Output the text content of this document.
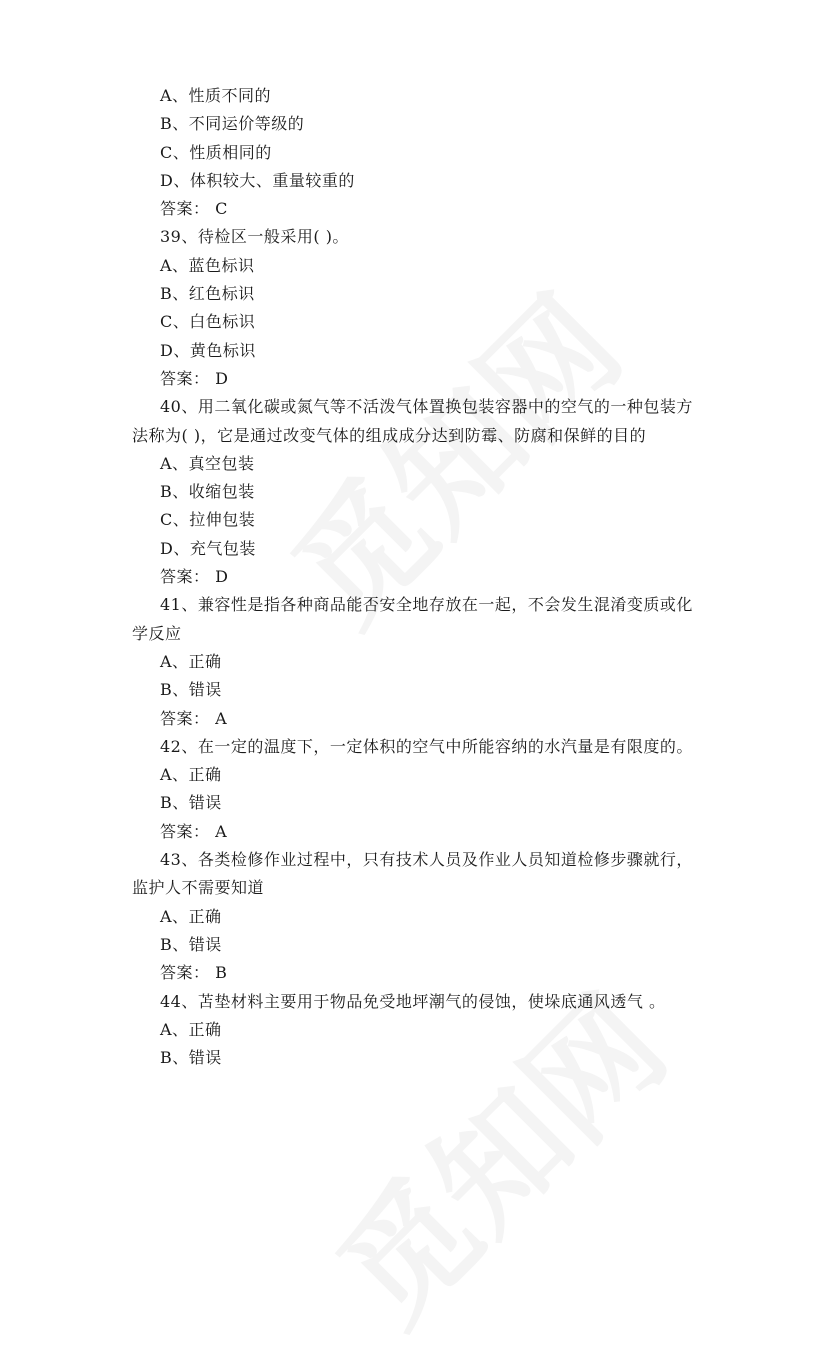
A、性质不同的
B、不同运价等级的
C、性质相同的
D、体积较大、重量较重的
答案： C
39、待检区一般采用( )。
A、蓝色标识
B、红色标识
C、白色标识
D、黄色标识
答案： D
40、用二氧化碳或氮气等不活泼气体置换包装容器中的空气的一种包装方
法称为( )，它是通过改变气体的组成成分达到防霉、防腐和保鲜的目的
A、真空包装
B、收缩包装
C、拉伸包装
D、充气包装
答案： D
41、兼容性是指各种商品能否安全地存放在一起，不会发生混淆变质或化
学反应
A、正确
B、错误
答案： A
42、在一定的温度下，一定体积的空气中所能容纳的水汽量是有限度的。
A、正确
B、错误
答案： A
43、各类检修作业过程中，只有技术人员及作业人员知道检修步骤就行，
监护人不需要知道
A、正确
B、错误
答案： B
44、苫垫材料主要用于物品免受地坪潮气的侵蚀，使垛底通风透气 。
A、正确
B、错误
